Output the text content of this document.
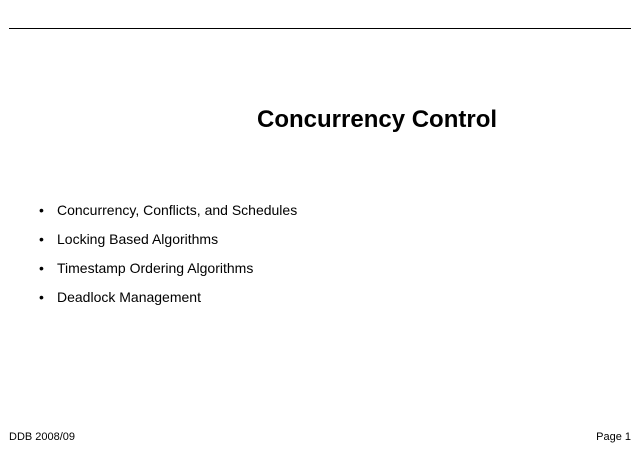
Concurrency Control
• Concurrency, Conflicts, and Schedules
• Locking Based Algorithms
• Timestamp Ordering Algorithms
• Deadlock Management
DDB 2008/09	Page 1
